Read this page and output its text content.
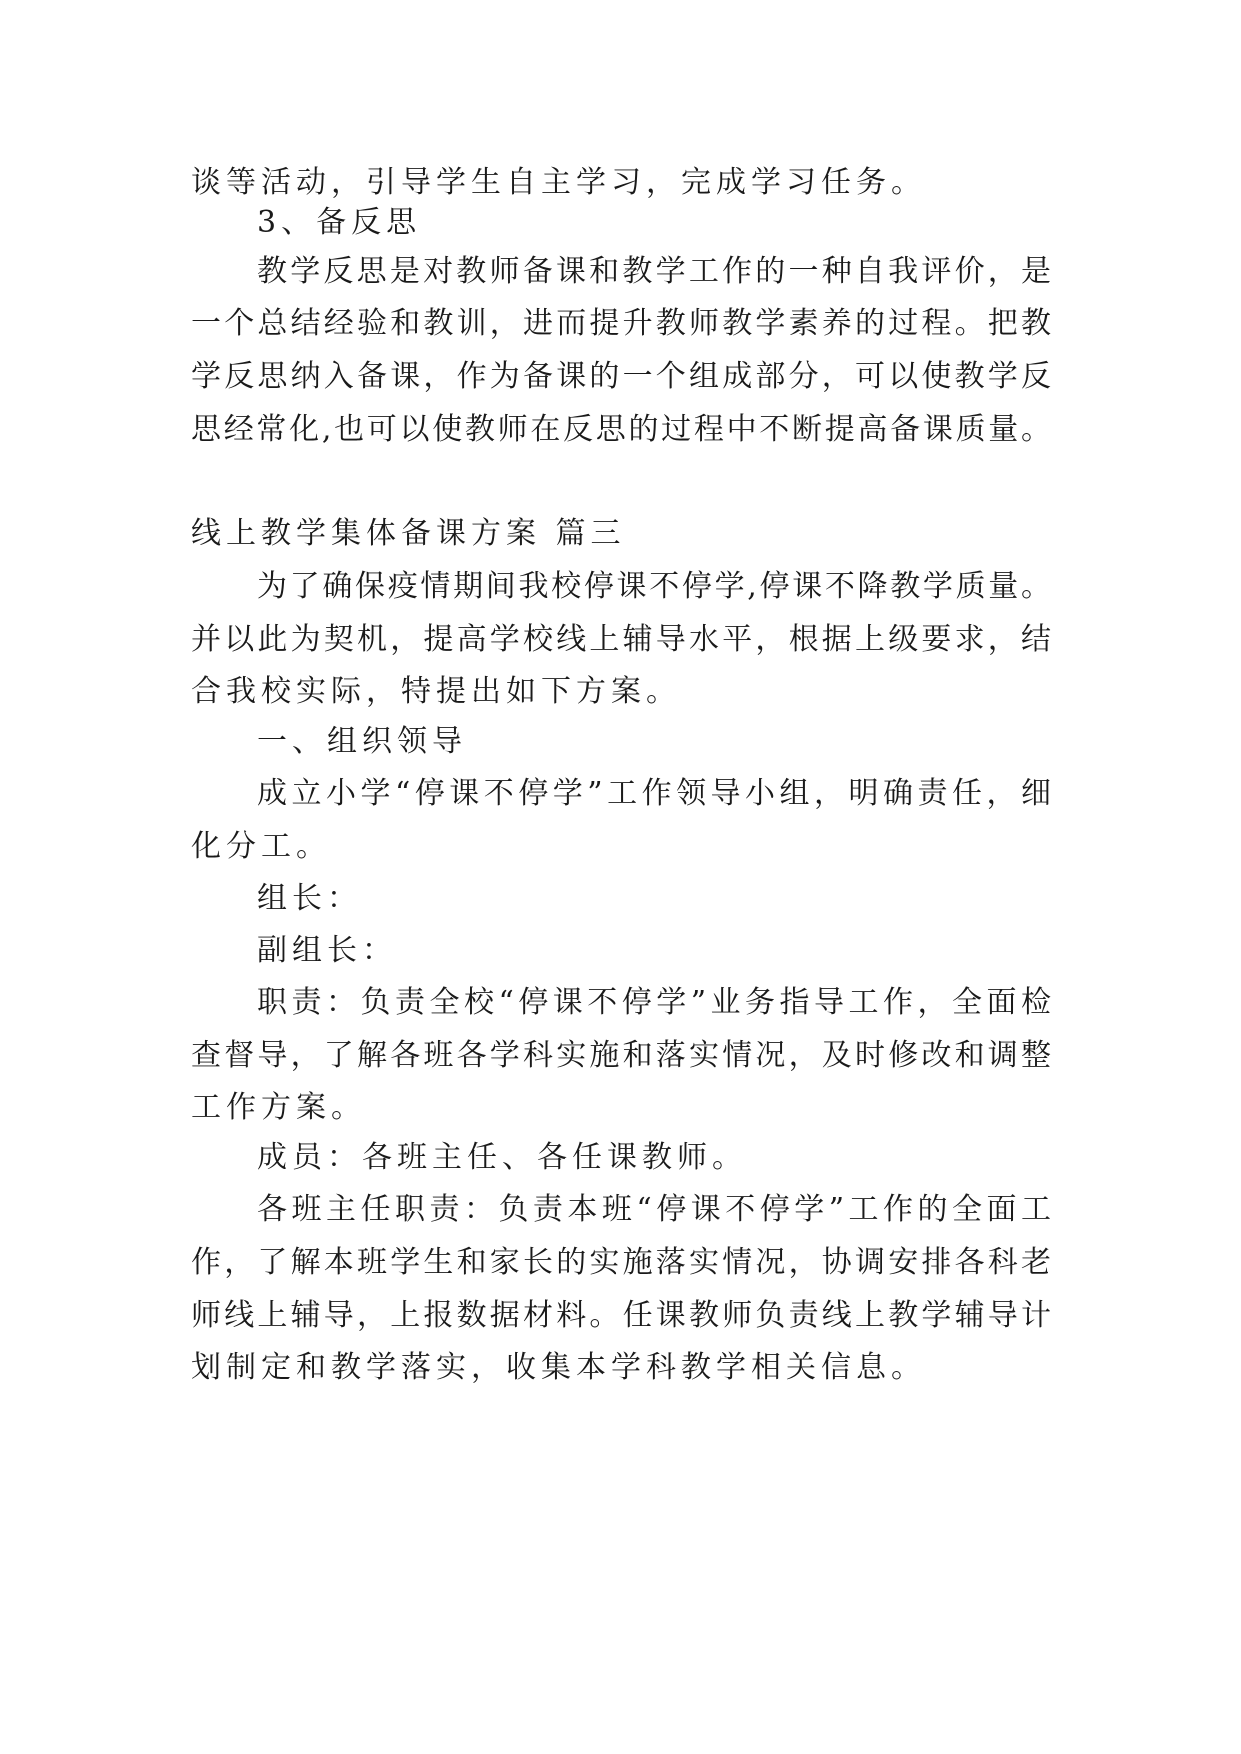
谈等活动，引导学生自主学习，完成学习任务。
3、备反思
教学反思是对教师备课和教学工作的一种自我评价，是
一个总结经验和教训，进而提升教师教学素养的过程。把教
学反思纳入备课，作为备课的一个组成部分，可以使教学反
思经常化,也可以使教师在反思的过程中不断提高备课质量。
线上教学集体备课方案 篇三
为了确保疫情期间我校停课不停学,停课不降教学质量。
并以此为契机，提高学校线上辅导水平，根据上级要求，结
合我校实际，特提出如下方案。
一、组织领导
成立小学“停课不停学”工作领导小组，明确责任，细
化分工。
组长：
副组长：
职责：负责全校“停课不停学”业务指导工作，全面检
查督导，了解各班各学科实施和落实情况，及时修改和调整
工作方案。
成员：各班主任、各任课教师。
各班主任职责：负责本班“停课不停学”工作的全面工
作，了解本班学生和家长的实施落实情况，协调安排各科老
师线上辅导，上报数据材料。任课教师负责线上教学辅导计
划制定和教学落实，收集本学科教学相关信息。
